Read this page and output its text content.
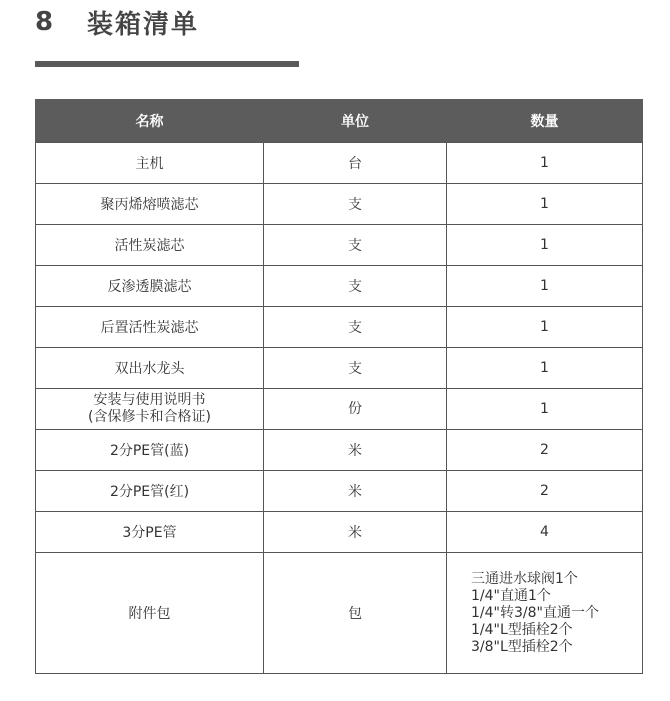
8	装箱清单
名称	单位	数量
主机	台	1
聚丙烯熔喷滤芯	支	1
活性炭滤芯	支	1
反渗透膜滤芯	支	1
后置活性炭滤芯	支	1
双出水龙头	支	1

安装与使用说明书
(含保修卡和合格证)	份	1
2分PE管(蓝)	米	2
2分PE管(红)	米	2
3分PE管	米	4
附件包	包	三通进水球阀1个
1/4"直通1个
1/4"转3/8"直通一个
1/4"L型插栓2个
3/8"L型插栓2个
